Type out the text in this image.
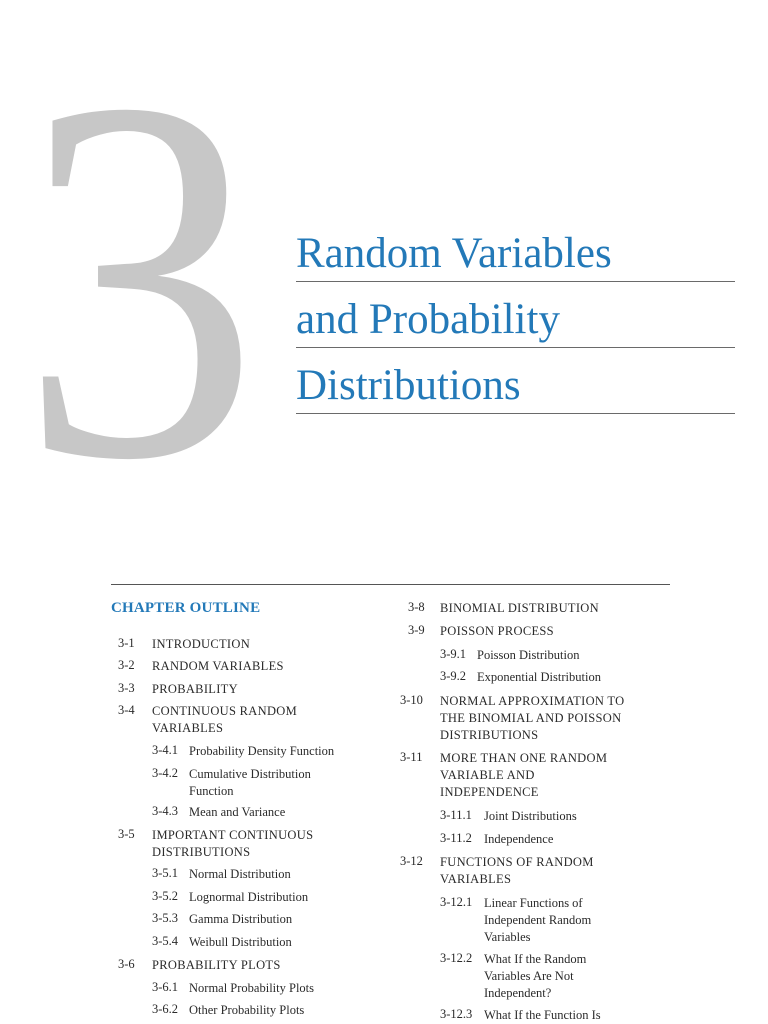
3 Random Variables
and Probability
Distributions
CHAPTER OUTLINE
3-1 INTRODUCTION
3-2 RANDOM VARIABLES
3-3 PROBABILITY
3-4 CONTINUOUS RANDOM VARIABLES
3-4.1 Probability Density Function
3-4.2 Cumulative Distribution Function
3-4.3 Mean and Variance
3-5 IMPORTANT CONTINUOUS DISTRIBUTIONS
3-5.1 Normal Distribution
3-5.2 Lognormal Distribution
3-5.3 Gamma Distribution
3-5.4 Weibull Distribution
3-6 PROBABILITY PLOTS
3-6.1 Normal Probability Plots
3-6.2 Other Probability Plots
3-8 BINOMIAL DISTRIBUTION
3-9 POISSON PROCESS
3-9.1 Poisson Distribution
3-9.2 Exponential Distribution
3-10 NORMAL APPROXIMATION TO THE BINOMIAL AND POISSON DISTRIBUTIONS
3-11 MORE THAN ONE RANDOM VARIABLE AND INDEPENDENCE
3-11.1 Joint Distributions
3-11.2 Independence
3-12 FUNCTIONS OF RANDOM VARIABLES
3-12.1 Linear Functions of Independent Random Variables
3-12.2 What If the Random Variables Are Not Independent?
3-12.3 What If the Function Is
